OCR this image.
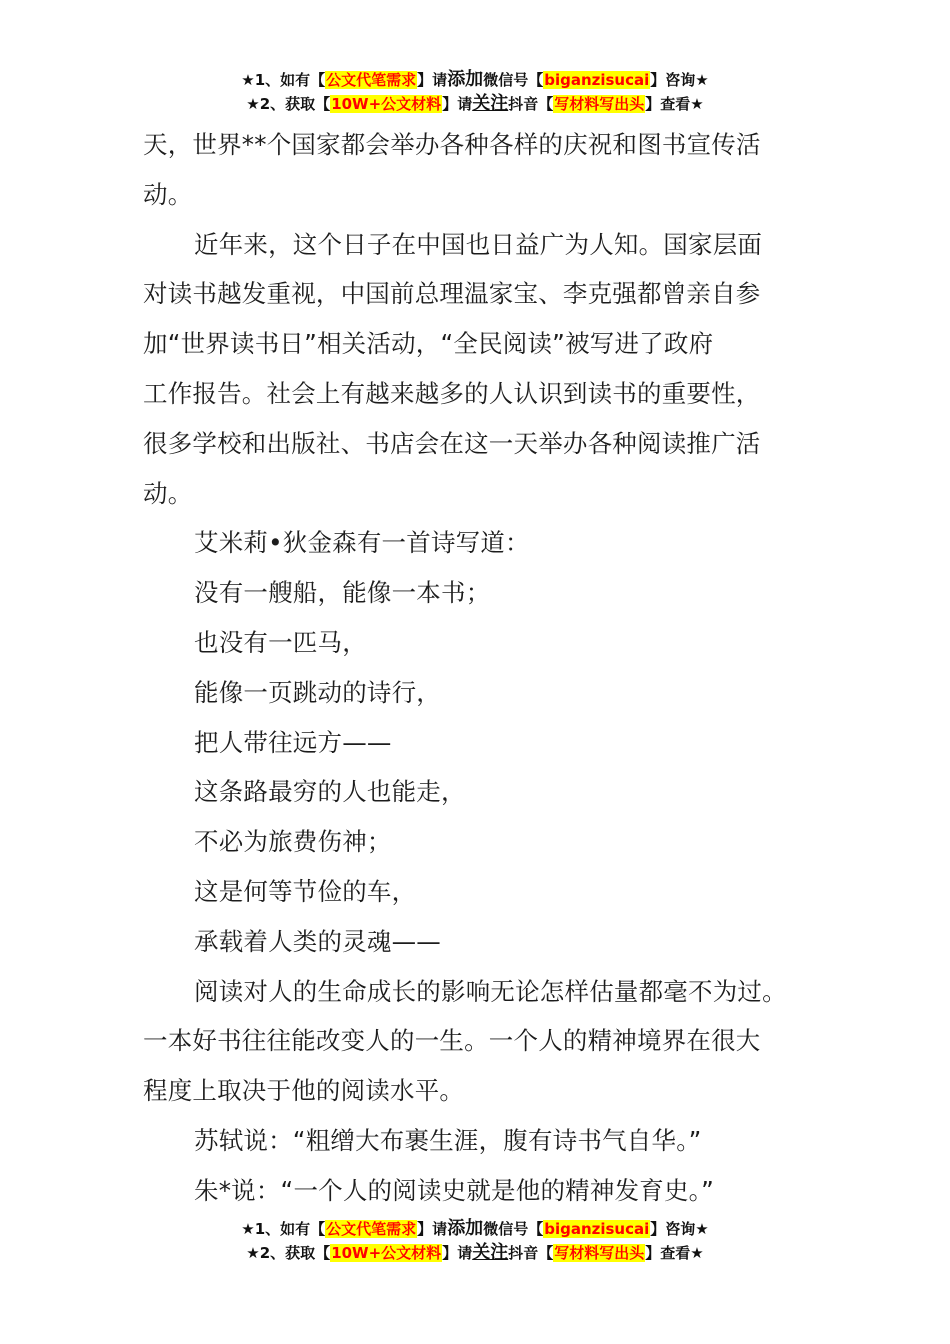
★1、如有【公文代笔需求】请添加微信号【biganzisucai】咨询★
★2、获取【10W+公文材料】请关注抖音【写材料写出头】查看★

天，世界**个国家都会举办各种各样的庆祝和图书宣传活

动。

近年来，这个日子在中国也日益广为人知。国家层面

对读书越发重视，中国前总理温家宝、李克强都曾亲自参

加“世界读书日”相关活动，“全民阅读”被写进了政府

工作报告。社会上有越来越多的人认识到读书的重要性，

很多学校和出版社、书店会在这一天举办各种阅读推广活

动。

艾米莉•狄金森有一首诗写道：

没有一艘船，能像一本书；

也没有一匹马，

能像一页跳动的诗行，

把人带往远方——

这条路最穷的人也能走，

不必为旅费伤神；

这是何等节俭的车，

承载着人类的灵魂——

阅读对人的生命成长的影响无论怎样估量都毫不为过。

一本好书往往能改变人的一生。一个人的精神境界在很大

程度上取决于他的阅读水平。

苏轼说：“粗缯大布裹生涯，腹有诗书气自华。”

朱*说：“一个人的阅读史就是他的精神发育史。”

★1、如有【公文代笔需求】请添加微信号【biganzisucai】咨询★
★2、获取【10W+公文材料】请关注抖音【写材料写出头】查看★
